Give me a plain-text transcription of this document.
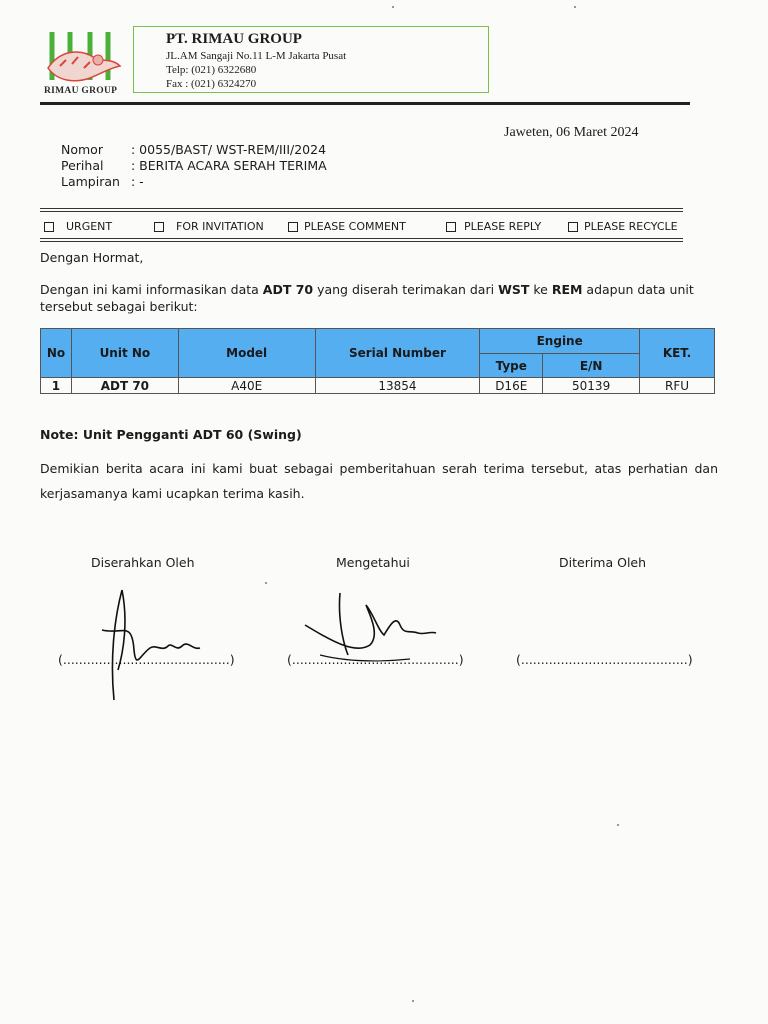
RIMAU GROUP
PT. RIMAU GROUP
JL.AM Sangaji No.11 L-M Jakarta Pusat
Telp: (021) 6322680
Fax : (021) 6324270
Jaweten, 06 Maret 2024
Nomor	: 0055/BAST/ WST-REM/III/2024
Perihal	: BERITA ACARA SERAH TERIMA
Lampiran : -
URGENT	FOR INVITATION	PLEASE COMMENT	PLEASE REPLY	PLEASE RECYCLE
Dengan Hormat,
Dengan ini kami informasikan data ADT 70 yang diserah terimakan dari WST ke REM adapun data unit
tersebut sebagai berikut:
No	Unit No	Model	Serial Number	Engine		KET.
				Type	E/N	
1	ADT 70	A40E	13854	D16E	50139	RFU
Note: Unit Pengganti ADT 60 (Swing)
Demikian berita acara ini kami buat sebagai pemberitahuan serah terima tersebut, atas perhatian dan kerjasamanya kami ucapkan terima kasih.
Diserahkan Oleh	Mengetahui	Diterima Oleh
(..........................................)	(..........................................)	(..........................................)
